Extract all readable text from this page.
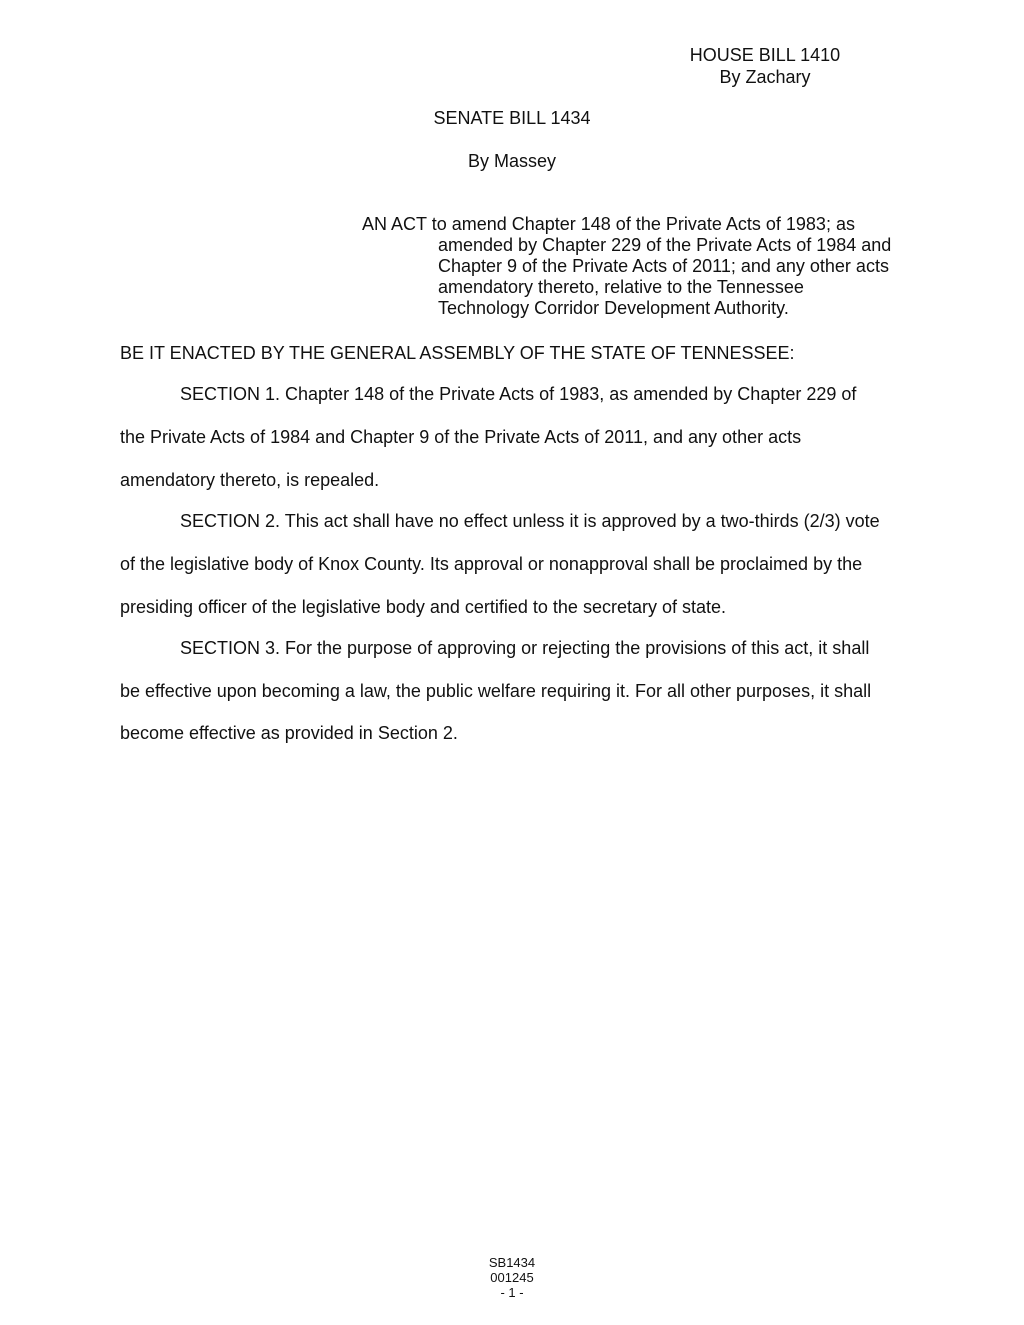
HOUSE BILL 1410
By Zachary
SENATE BILL 1434
By Massey
AN ACT to amend Chapter 148 of the Private Acts of 1983; as
amended by Chapter 229 of the Private Acts of 1984 and
Chapter 9 of the Private Acts of 2011; and any other acts
amendatory thereto, relative to the Tennessee
Technology Corridor Development Authority.
BE IT ENACTED BY THE GENERAL ASSEMBLY OF THE STATE OF TENNESSEE:
SECTION 1. Chapter 148 of the Private Acts of 1983, as amended by Chapter 229 of
the Private Acts of 1984 and Chapter 9 of the Private Acts of 2011, and any other acts
amendatory thereto, is repealed.
SECTION 2. This act shall have no effect unless it is approved by a two-thirds (2/3) vote
of the legislative body of Knox County. Its approval or nonapproval shall be proclaimed by the
presiding officer of the legislative body and certified to the secretary of state.
SECTION 3. For the purpose of approving or rejecting the provisions of this act, it shall
be effective upon becoming a law, the public welfare requiring it. For all other purposes, it shall
become effective as provided in Section 2.
SB1434
001245
- 1 -
